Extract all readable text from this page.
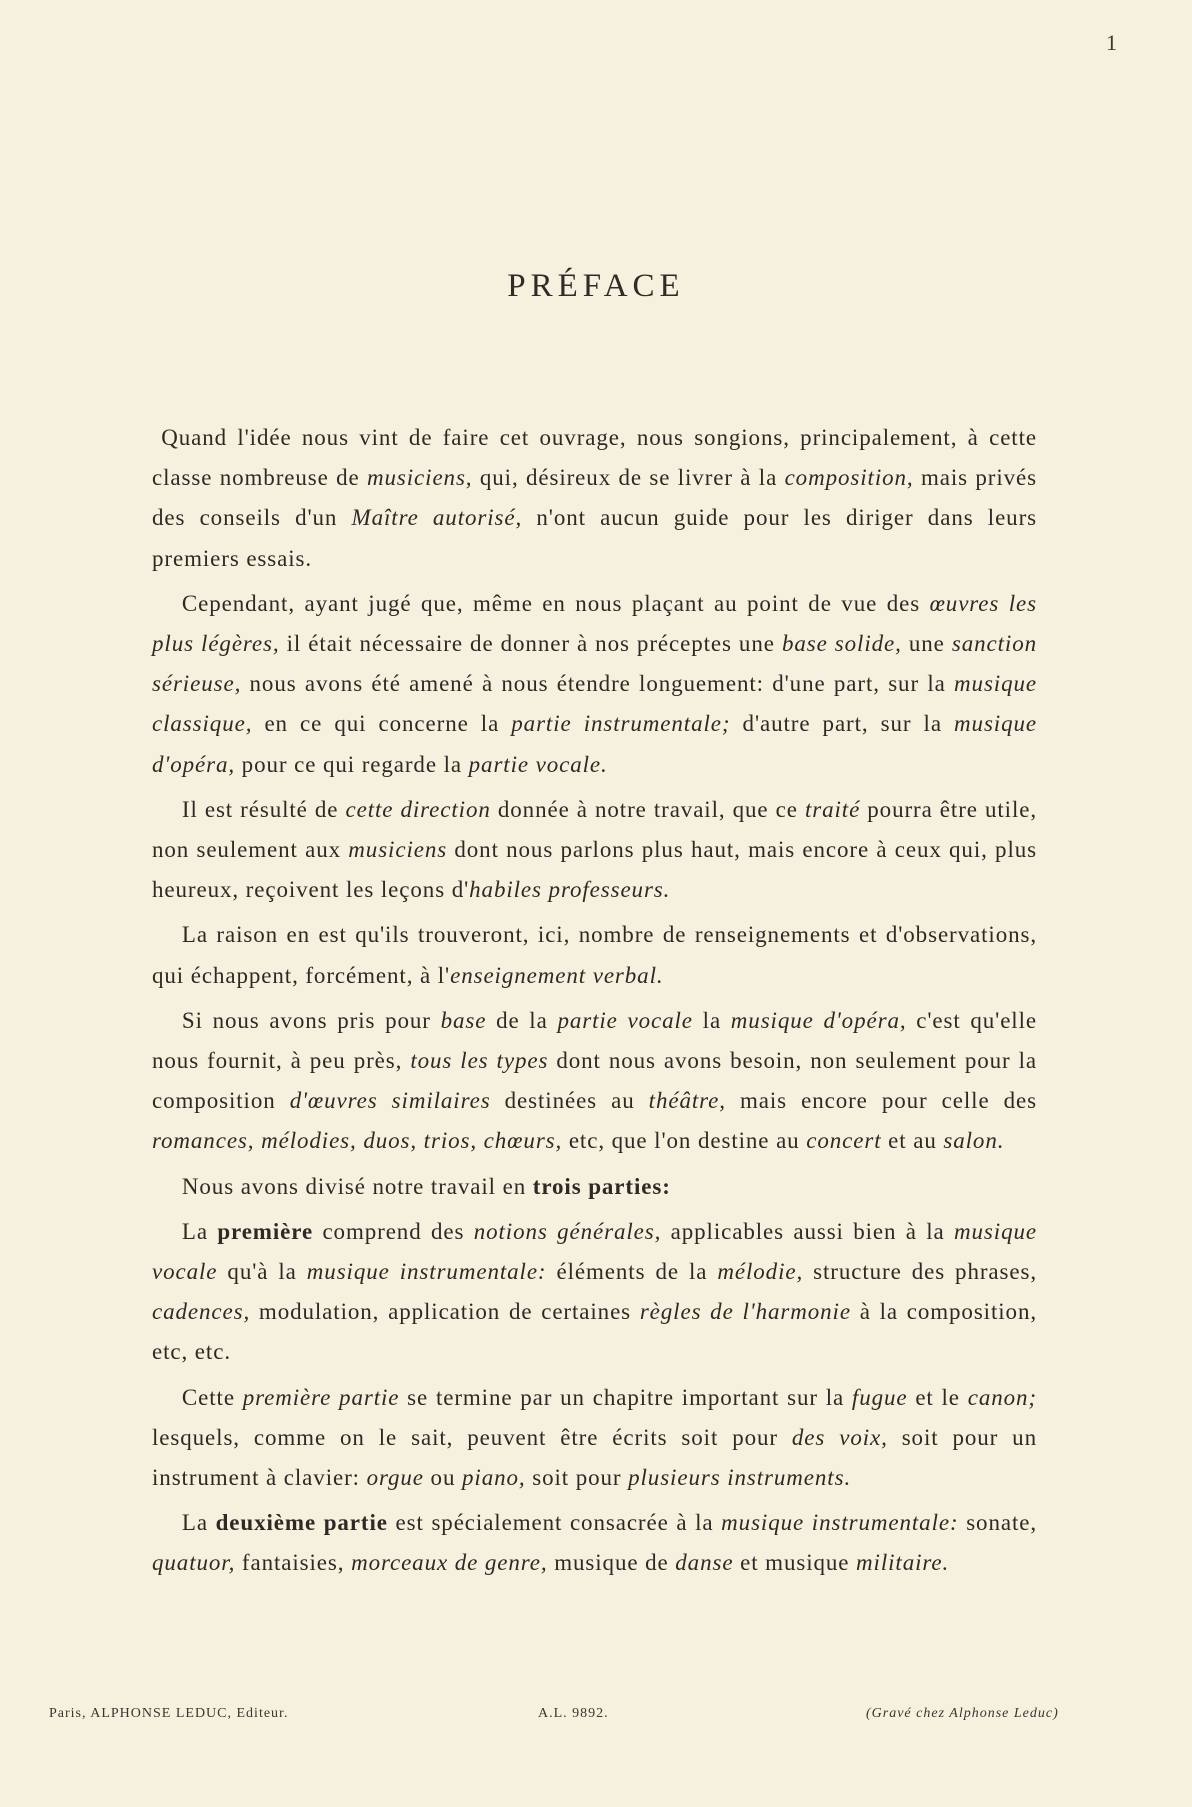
1
PRÉFACE

Quand l'idée nous vint de faire cet ouvrage, nous songions, principalement, à cette classe nombreuse de musiciens, qui, désireux de se livrer à la composition, mais privés des conseils d'un Maître autorisé, n'ont aucun guide pour les diriger dans leurs premiers essais.

Cependant, ayant jugé que, même en nous plaçant au point de vue des œuvres les plus légères, il était nécessaire de donner à nos préceptes une base solide, une sanction sérieuse, nous avons été amené à nous étendre longuement: d'une part, sur la musique classique, en ce qui concerne la partie instrumentale; d'autre part, sur la musique d'opéra, pour ce qui regarde la partie vocale.

Il est résulté de cette direction donnée à notre travail, que ce traité pourra être utile, non seulement aux musiciens dont nous parlons plus haut, mais encore à ceux qui, plus heureux, reçoivent les leçons d'habiles professeurs.

La raison en est qu'ils trouveront, ici, nombre de renseignements et d'observations, qui échappent, forcément, à l'enseignement verbal.

Si nous avons pris pour base de la partie vocale la musique d'opéra, c'est qu'elle nous fournit, à peu près, tous les types dont nous avons besoin, non seulement pour la composition d'œuvres similaires destinées au théâtre, mais encore pour celle des romances, mélodies, duos, trios, chœurs, etc, que l'on destine au concert et au salon.

Nous avons divisé notre travail en trois parties:

La première comprend des notions générales, applicables aussi bien à la musique vocale qu'à la musique instrumentale: éléments de la mélodie, structure des phrases, cadences, modulation, application de certaines règles de l'harmonie à la composition, etc, etc.

Cette première partie se termine par un chapitre important sur la fugue et le canon; lesquels, comme on le sait, peuvent être écrits soit pour des voix, soit pour un instrument à clavier: orgue ou piano, soit pour plusieurs instruments.

La deuxième partie est spécialement consacrée à la musique instrumentale: sonate, quatuor, fantaisies, morceaux de genre, musique de danse et musique militaire.

Paris, ALPHONSE LEDUC, Editeur.	A.L. 9892.	(Gravé chez Alphonse Leduc)
